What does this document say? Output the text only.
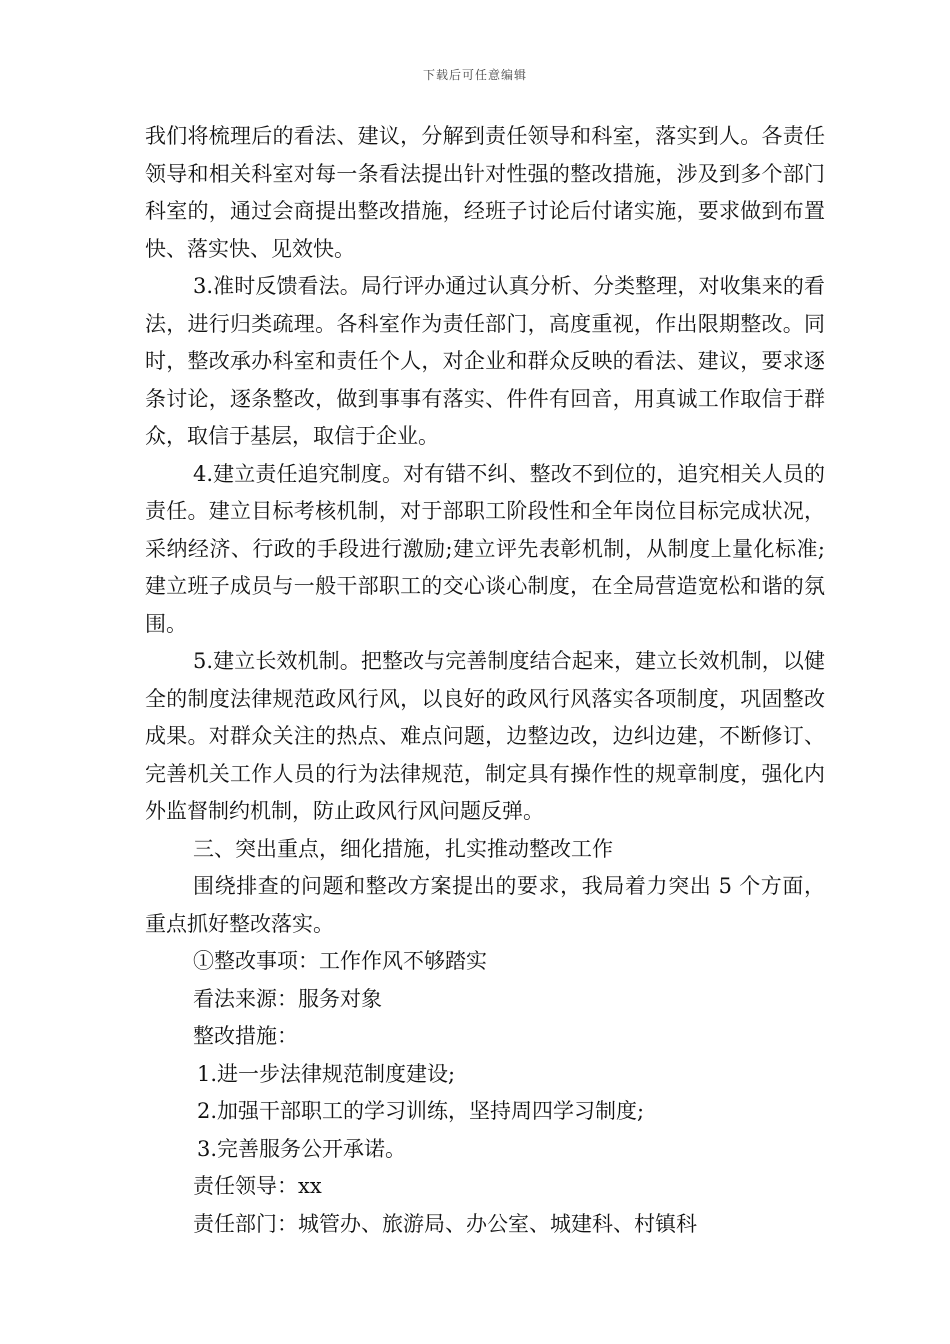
下载后可任意编辑

我们将梳理后的看法、建议，分解到责任领导和科室，落实到人。各责任领导和相关科室对每一条看法提出针对性强的整改措施，涉及到多个部门科室的，通过会商提出整改措施，经班子讨论后付诸实施，要求做到布置快、落实快、见效快。

3.准时反馈看法。局行评办通过认真分析、分类整理，对收集来的看法，进行归类疏理。各科室作为责任部门，高度重视，作出限期整改。同时，整改承办科室和责任个人，对企业和群众反映的看法、建议，要求逐条讨论，逐条整改，做到事事有落实、件件有回音，用真诚工作取信于群众，取信于基层，取信于企业。

4.建立责任追究制度。对有错不纠、整改不到位的，追究相关人员的责任。建立目标考核机制，对于部职工阶段性和全年岗位目标完成状况，采纳经济、行政的手段进行激励;建立评先表彰机制，从制度上量化标准;建立班子成员与一般干部职工的交心谈心制度，在全局营造宽松和谐的氛围。

5.建立长效机制。把整改与完善制度结合起来，建立长效机制，以健全的制度法律规范政风行风，以良好的政风行风落实各项制度，巩固整改成果。对群众关注的热点、难点问题，边整边改，边纠边建，不断修订、完善机关工作人员的行为法律规范，制定具有操作性的规章制度，强化内外监督制约机制，防止政风行风问题反弹。

三、突出重点，细化措施，扎实推动整改工作

围绕排查的问题和整改方案提出的要求，我局着力突出 5 个方面，重点抓好整改落实。

①整改事项：工作作风不够踏实

看法来源：服务对象

整改措施：

1.进一步法律规范制度建设;

2.加强干部职工的学习训练，坚持周四学习制度;

3.完善服务公开承诺。

责任领导：xx

责任部门：城管办、旅游局、办公室、城建科、村镇科
